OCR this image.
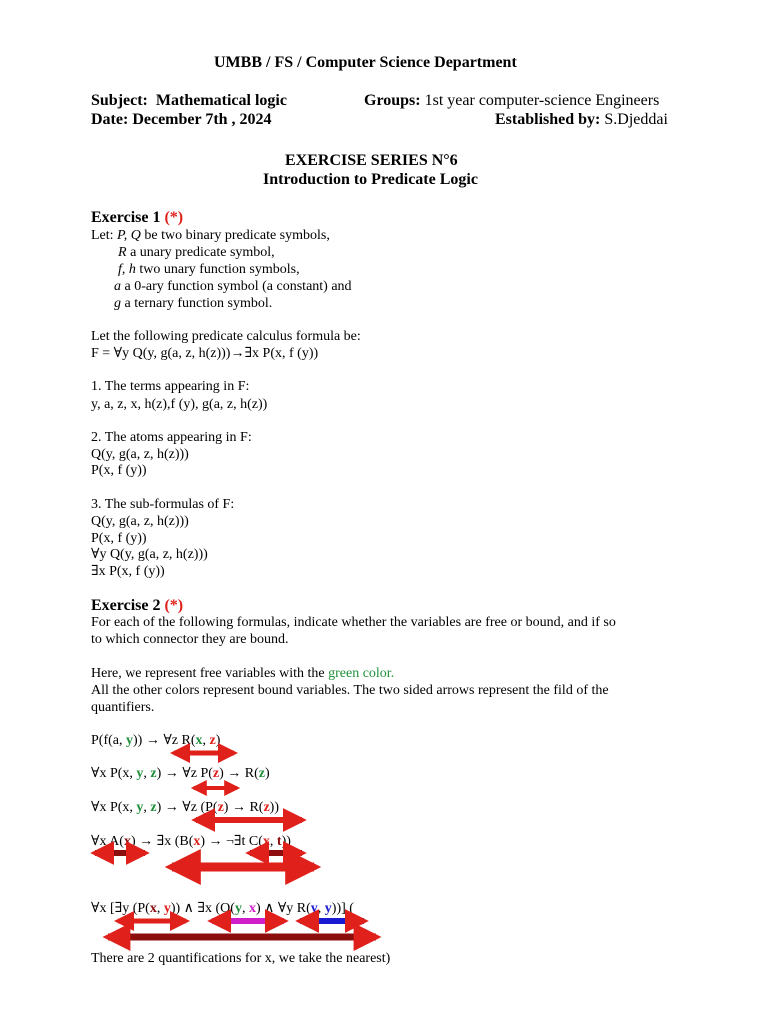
UMBB / FS / Computer Science Department
Subject: Mathematical logic	Groups: 1st year computer-science Engineers
Date: December 7th , 2024	Established by: S.Djeddai
EXERCISE SERIES N°6
Introduction to Predicate Logic
Exercise 1 (*)
Let: P, Q be two binary predicate symbols,
R a unary predicate symbol,
f, h two unary function symbols,
a a 0-ary function symbol (a constant) and
g a ternary function symbol.
Let the following predicate calculus formula be:
F = ∀y Q(y, g(a, z, h(z)))→∃x P(x, f (y))
1. The terms appearing in F:
y, a, z, x, h(z),f (y), g(a, z, h(z))
2. The atoms appearing in F:
Q(y, g(a, z, h(z)))
P(x, f (y))
3. The sub-formulas of F:
Q(y, g(a, z, h(z)))
P(x, f (y))
∀y Q(y, g(a, z, h(z)))
∃x P(x, f (y))
Exercise 2 (*)
For each of the following formulas, indicate whether the variables are free or bound, and if so
to which connector they are bound.
Here, we represent free variables with the green color.
All the other colors represent bound variables. The two sided arrows represent the fild of the
quantifiers.
P(f(a, y)) → ∀z R(x, z)
∀x P(x, y, z) → ∀z P(z) → R(z)
∀x P(x, y, z) → ∀z (P(z) → R(z))
∀x A(x) → ∃x (B(x) → ¬∃t C(x, t))
∀x [∃y (P(x, y)) ∧ ∃x (Q(y, x) ∧ ∀y R(y, y))] (
There are 2 quantifications for x, we take the nearest)
